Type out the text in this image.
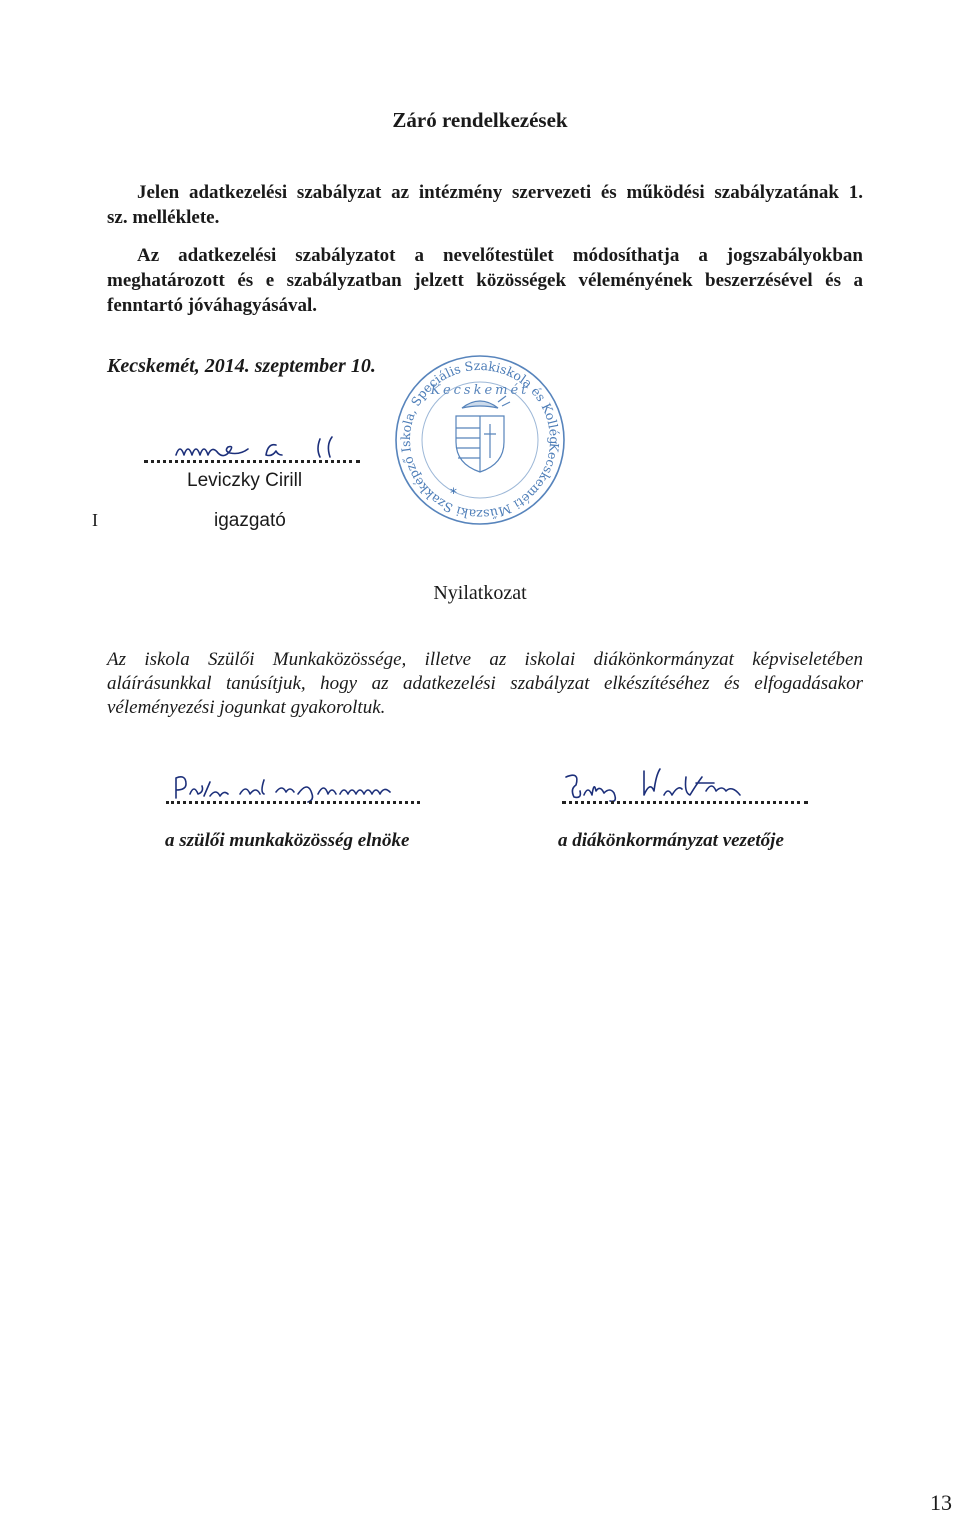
Záró rendelkezések
Jelen adatkezelési szabályzat az intézmény szervezeti és működési szabályzatának 1.
sz. melléklete.
Az adatkezelési szabályzatot a nevelőtestület módosíthatja a jogszabályokban
meghatározott és e szabályzatban jelzett közösségek véleményének beszerzésével és a
fenntartó jóváhagyásával.
Kecskemét, 2014. szeptember 10.
Leviczky Cirill
I	igazgató
Kecskeméti Műszaki Szakképző Iskola, Speciális Szakiskola és Kollégium
Kecskemét
*
Nyilatkozat
Az iskola Szülői Munkaközössége, illetve az iskolai diákönkormányzat képviseletében
aláírásunkkal tanúsítjuk, hogy az adatkezelési szabályzat elkészítéséhez és elfogadásakor
véleményezési jogunkat gyakoroltuk.
a szülői munkaközösség elnöke	a diákönkormányzat vezetője
13
